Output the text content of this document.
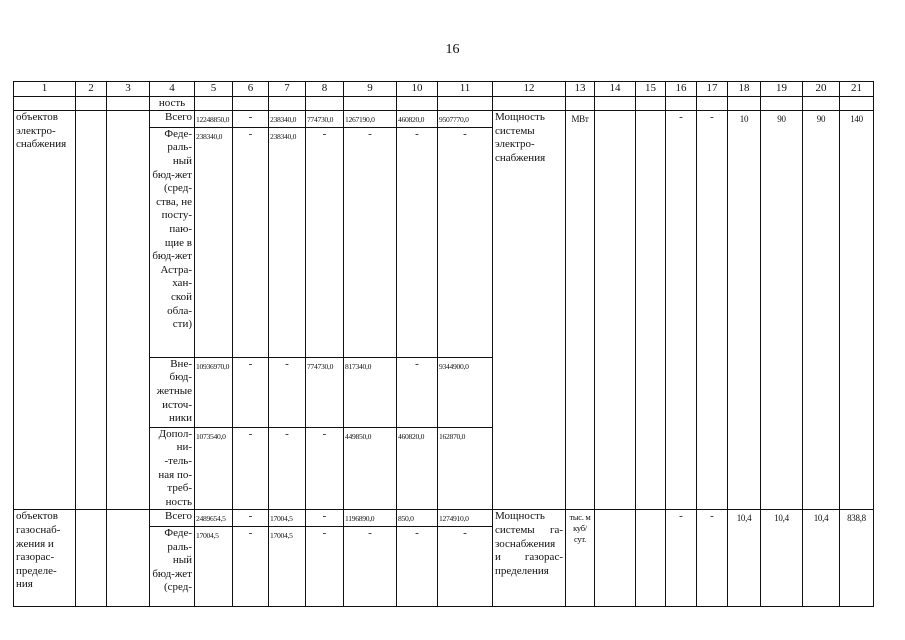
16
1	2	3	4	5	6	7	8	9	10	11	12	13	14	15	16	17	18	19	20	21
			ность																	
объектов электро-снабжения			Всего	12248850,0	-	238340,0	774730,0	1267190,0	460820,0	9507770,0	Мощность системы электро-снабжения	МВт			-	-	10	90	90	140
			Феде-раль-ный бюд-жет (сред-ства, не посту-паю-щие в бюд-жет Астра-хан-ской обла-сти)	238340,0	-	238340,0	-	-	-	-										
			Вне-бюд-жетные источ-ники	10936970,0	-	-	774730,0	817340,0	-	9344900,0										
			Допол-ни- -тель-ная по-треб-ность	1073540,0	-	-	-	449850,0	460820,0	162870,0										
объектов газоснаб-жения и газорас-пределе-ния			Всего	2489654,5	-	17004,5	-	1196890,0	850,0	1274910,0	Мощность системы га-зоснабжения и газорас-пределения	тыс. м куб/ сут.			-	-	10,4	10,4	10,4	838,8
			Феде-раль-ный бюд-жет (сред-	17004,5	-	17004,5	-	-	-	-										
